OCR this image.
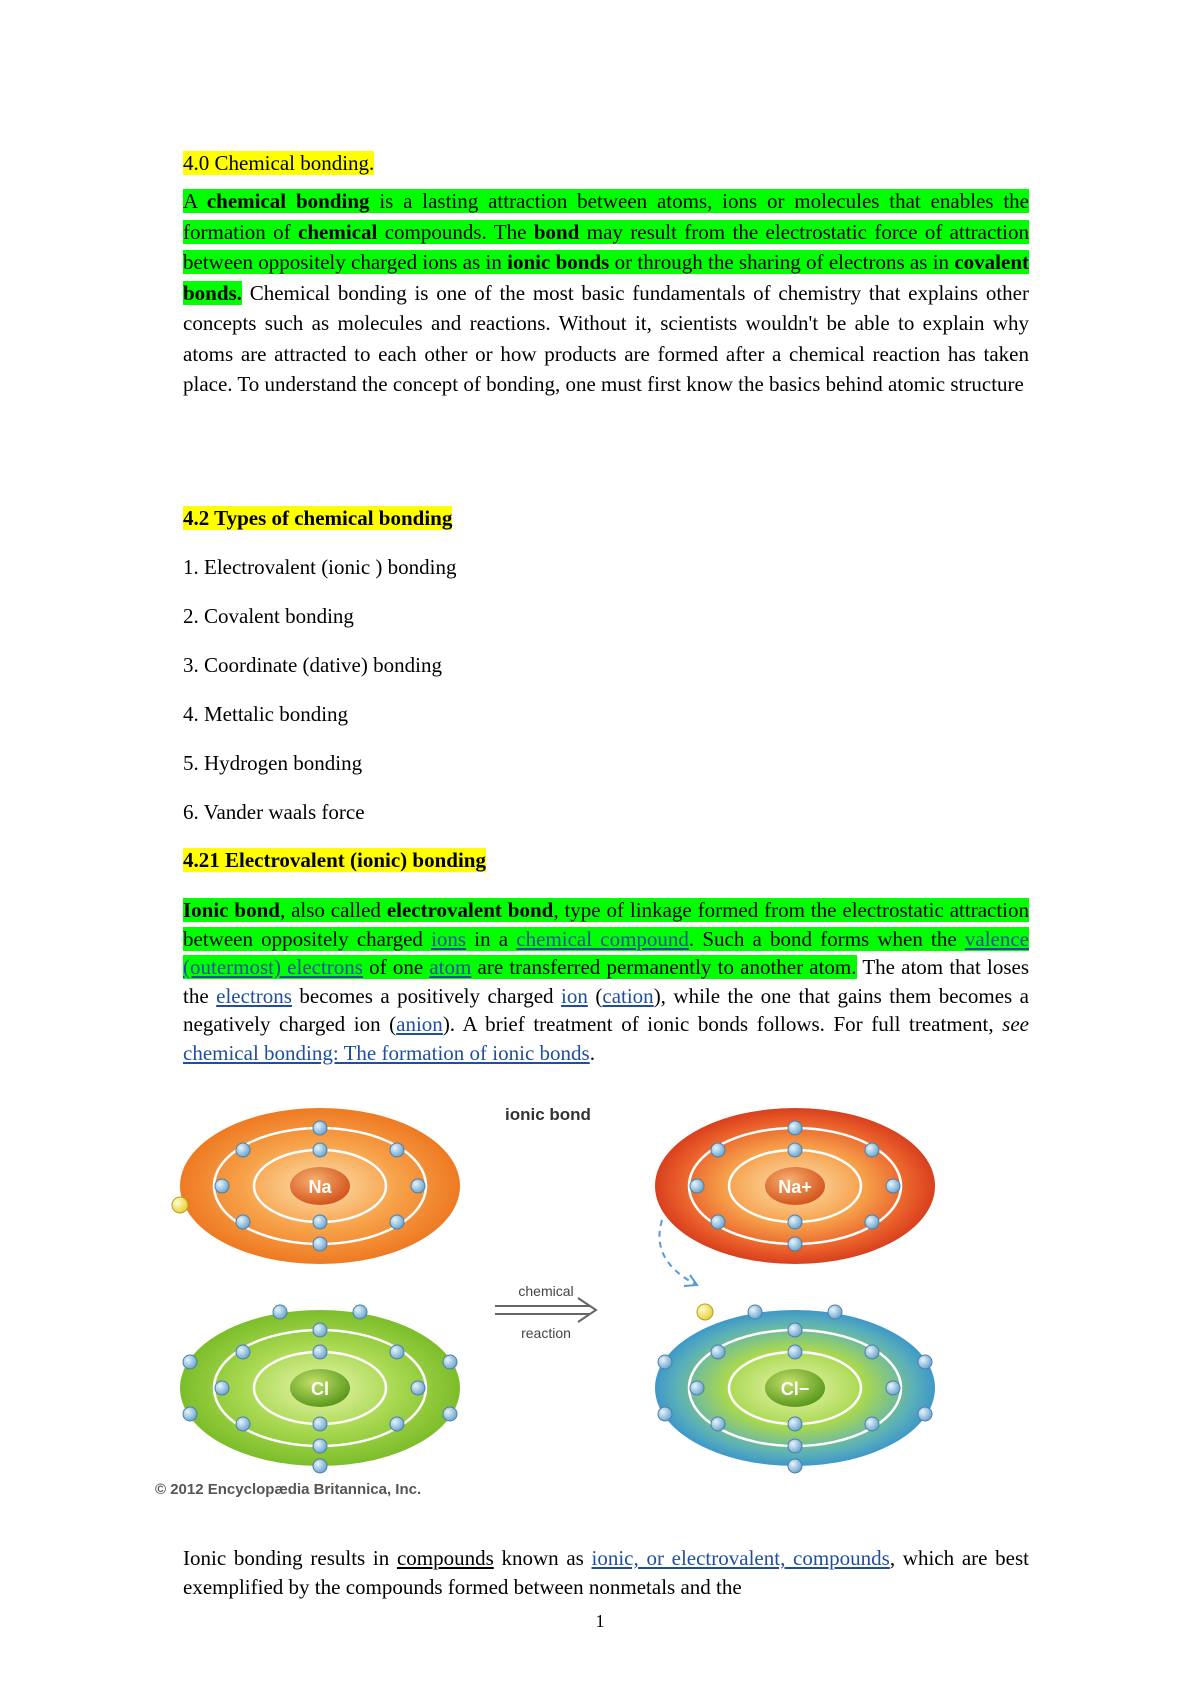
4.0 Chemical bonding.
A chemical bonding is a lasting attraction between atoms, ions or molecules that enables the formation of chemical compounds. The bond may result from the electrostatic force of attraction between oppositely charged ions as in ionic bonds or through the sharing of electrons as in covalent bonds. Chemical bonding is one of the most basic fundamentals of chemistry that explains other concepts such as molecules and reactions. Without it, scientists wouldn't be able to explain why atoms are attracted to each other or how products are formed after a chemical reaction has taken place. To understand the concept of bonding, one must first know the basics behind atomic structure
4.2 Types of chemical bonding
1. Electrovalent (ionic ) bonding
2. Covalent bonding
3. Coordinate (dative) bonding
4. Mettalic bonding
5. Hydrogen bonding
6. Vander waals force
4.21 Electrovalent (ionic) bonding
Ionic bond, also called electrovalent bond, type of linkage formed from the electrostatic attraction between oppositely charged ions in a chemical compound. Such a bond forms when the valence (outermost) electrons of one atom are transferred permanently to another atom. The atom that loses the electrons becomes a positively charged ion (cation), while the one that gains them becomes a negatively charged ion (anion). A brief treatment of ionic bonds follows. For full treatment, see chemical bonding: The formation of ionic bonds.
ionic bond
Na
Cl
chemical
reaction
Na+
Cl−
© 2012 Encyclopædia Britannica, Inc.
Ionic bonding results in compounds known as ionic, or electrovalent, compounds, which are best exemplified by the compounds formed between nonmetals and the
1
